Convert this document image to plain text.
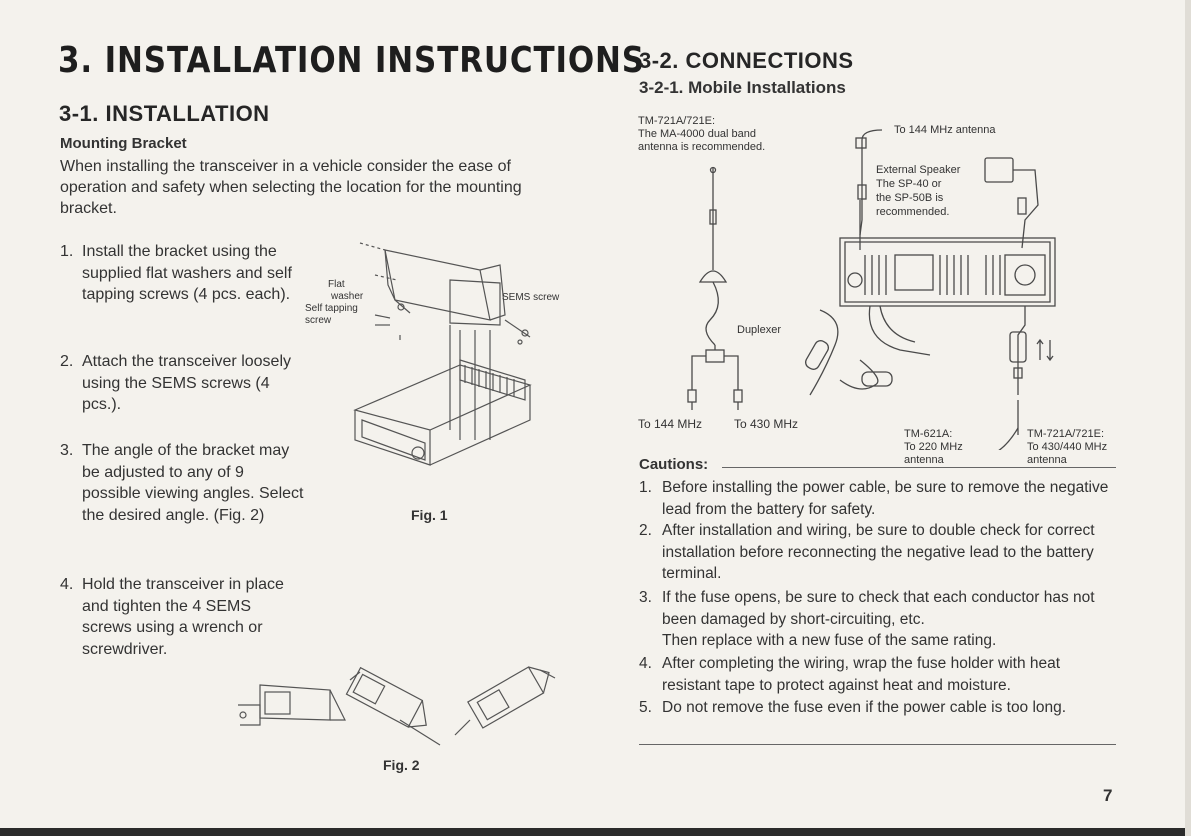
3. INSTALLATION INSTRUCTIONS
3-1. INSTALLATION
Mounting Bracket
When installing the transceiver in a vehicle consider the ease of operation and safety when selecting the location for the mounting bracket.
1. Install the bracket using the supplied flat washers and self tapping screws (4 pcs. each).
2. Attach the transceiver loosely using the SEMS screws (4 pcs.).
3. The angle of the bracket may be adjusted to any of 9 possible viewing angles. Select the desired angle. (Fig. 2)
4. Hold the transceiver in place and tighten the 4 SEMS screws using a wrench or screwdriver.
Flat
washer
Self tapping
screw
SEMS screw
Fig. 1
Fig. 2
3-2. CONNECTIONS
3-2-1. Mobile Installations
TM-721A/721E:
The MA-4000 dual band
antenna is recommended.
To 144 MHz antenna
External Speaker
The SP-40 or
the SP-50B is
recommended.
Duplexer
To 144 MHz	To 430 MHz
TM-621A:
To 220 MHz
antenna
TM-721A/721E:
To 430/440 MHz
antenna
Cautions:
1. Before installing the power cable, be sure to remove the negative lead from the battery for safety.
2. After installation and wiring, be sure to double check for correct installation before reconnecting the negative lead to the battery terminal.
3. If the fuse opens, be sure to check that each conductor has not been damaged by short-circuiting, etc.
Then replace with a new fuse of the same rating.
4. After completing the wiring, wrap the fuse holder with heat resistant tape to protect against heat and moisture.
5. Do not remove the fuse even if the power cable is too long.
7
